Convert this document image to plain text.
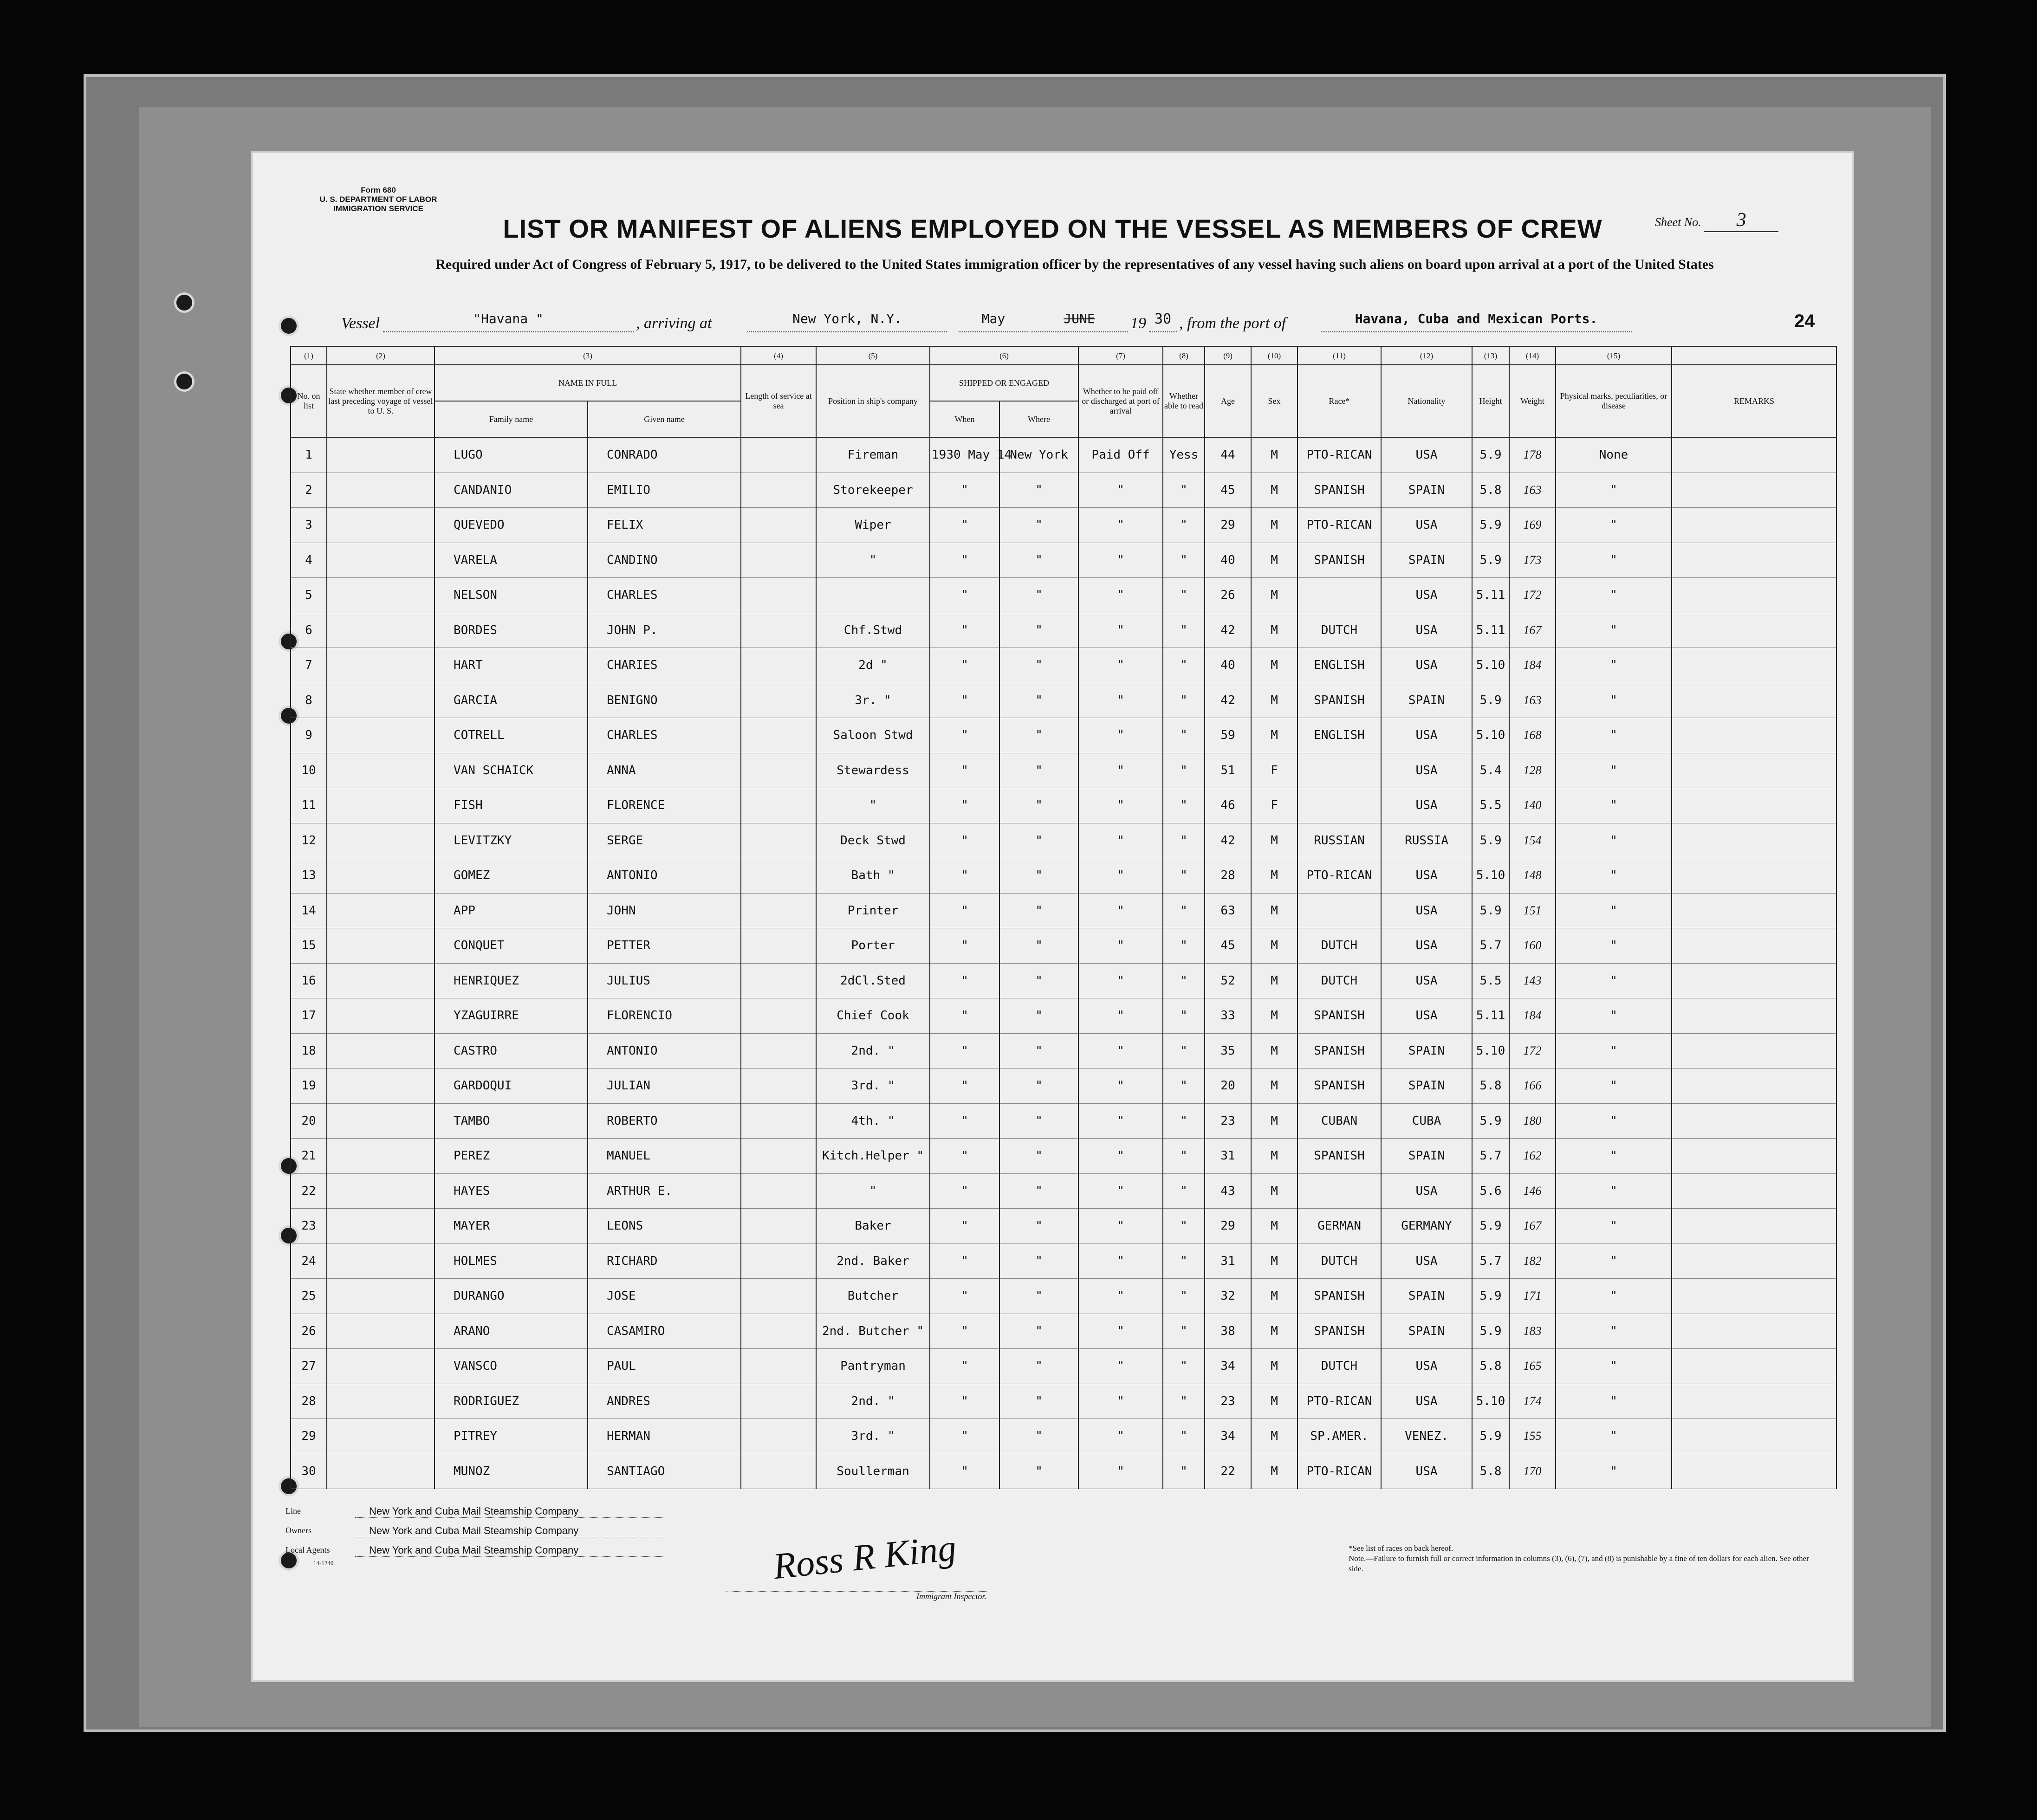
Form 680
U. S. DEPARTMENT OF LABOR
IMMIGRATION SERVICE
Sheet No. 3
LIST OR MANIFEST OF ALIENS EMPLOYED ON THE VESSEL AS MEMBERS OF CREW
Required under Act of Congress of February 5, 1917, to be delivered to the United States immigration officer by the representatives of any vessel having such aliens on board upon arrival at a port of the United States
Vessel	"Havana "	, arriving at	New York, N.Y.	May	JUNE	19 30 , from the port of	Havana, Cuba and Mexican Ports.	24
(1)	(2)	(3)		(4)	(5)	(6)		(7)	(8)	(9)	(10)	(11)	(12)	(13)	(14)	(15)	
No. on list	State whether member of crew last preceding voyage of vessel to U. S.	NAME IN FULL		Length of service at sea	Position in ship's company	SHIPPED OR ENGAGED		Whether to be paid off or discharged at port of arrival	Whether able to read	Age	Sex	Race*	Nationality	Height	Weight	Physical marks, peculiarities, or disease	REMARKS
		Family name	Given name			When	Where										
1		LUGO	CONRADO		Fireman	1930 May 14	New York	Paid Off	Yess	44	M	PTO-RICAN	USA	5.9	178	None	
2		CANDANIO	EMILIO		Storekeeper	"	"	"	"	45	M	SPANISH	SPAIN	5.8	163	"	
3		QUEVEDO	FELIX		Wiper	"	"	"	"	29	M	PTO-RICAN	USA	5.9	169	"	
4		VARELA	CANDINO		"	"	"	"	"	40	M	SPANISH	SPAIN	5.9	173	"	
5		NELSON	CHARLES			"	"	"	"	26	M		USA	5.11	172	"	
6		BORDES	JOHN P.		Chf.Stwd	"	"	"	"	42	M	DUTCH	USA	5.11	167	"	
7		HART	CHARIES		2d "	"	"	"	"	40	M	ENGLISH	USA	5.10	184	"	
8		GARCIA	BENIGNO		3r. "	"	"	"	"	42	M	SPANISH	SPAIN	5.9	163	"	
9		COTRELL	CHARLES		Saloon Stwd	"	"	"	"	59	M	ENGLISH	USA	5.10	168	"	
10		VAN SCHAICK	ANNA		Stewardess	"	"	"	"	51	F		USA	5.4	128	"	
11		FISH	FLORENCE		"	"	"	"	"	46	F		USA	5.5	140	"	
12		LEVITZKY	SERGE		Deck Stwd	"	"	"	"	42	M	RUSSIAN	RUSSIA	5.9	154	"	
13		GOMEZ	ANTONIO		Bath "	"	"	"	"	28	M	PTO-RICAN	USA	5.10	148	"	
14		APP	JOHN		Printer	"	"	"	"	63	M		USA	5.9	151	"	
15		CONQUET	PETTER		Porter	"	"	"	"	45	M	DUTCH	USA	5.7	160	"	
16		HENRIQUEZ	JULIUS		2dCl.Sted	"	"	"	"	52	M	DUTCH	USA	5.5	143	"	
17		YZAGUIRRE	FLORENCIO		Chief Cook	"	"	"	"	33	M	SPANISH	USA	5.11	184	"	
18		CASTRO	ANTONIO		2nd. "	"	"	"	"	35	M	SPANISH	SPAIN	5.10	172	"	
19		GARDOQUI	JULIAN		3rd. "	"	"	"	"	20	M	SPANISH	SPAIN	5.8	166	"	
20		TAMBO	ROBERTO		4th. "	"	"	"	"	23	M	CUBAN	CUBA	5.9	180	"	
21		PEREZ	MANUEL		Kitch.Helper "	"	"	"	"	31	M	SPANISH	SPAIN	5.7	162	"	
22		HAYES	ARTHUR E.		"	"	"	"	"	43	M		USA	5.6	146	"	
23		MAYER	LEONS		Baker	"	"	"	"	29	M	GERMAN	GERMANY	5.9	167	"	
24		HOLMES	RICHARD		2nd. Baker	"	"	"	"	31	M	DUTCH	USA	5.7	182	"	
25		DURANGO	JOSE		Butcher	"	"	"	"	32	M	SPANISH	SPAIN	5.9	171	"	
26		ARANO	CASAMIRO		2nd. Butcher "	"	"	"	"	38	M	SPANISH	SPAIN	5.9	183	"	
27		VANSCO	PAUL		Pantryman	"	"	"	"	34	M	DUTCH	USA	5.8	165	"	
28		RODRIGUEZ	ANDRES		2nd. "	"	"	"	"	23	M	PTO-RICAN	USA	5.10	174	"	
29		PITREY	HERMAN		3rd. "	"	"	"	"	34	M	SP.AMER.	VENEZ.	5.9	155	"	
30		MUNOZ	SANTIAGO		Soullerman	"	"	"	"	22	M	PTO-RICAN	USA	5.8	170	"	
Line	New York and Cuba Mail Steamship Company
Owners	New York and Cuba Mail Steamship Company
Local Agents	New York and Cuba Mail Steamship Company
14-1240	Ross R King
Immigrant Inspector.
*See list of races on back hereof.
Note.—Failure to furnish full or correct information in columns (3), (6), (7), and (8) is punishable by a fine of ten dollars for each alien. See other side.
